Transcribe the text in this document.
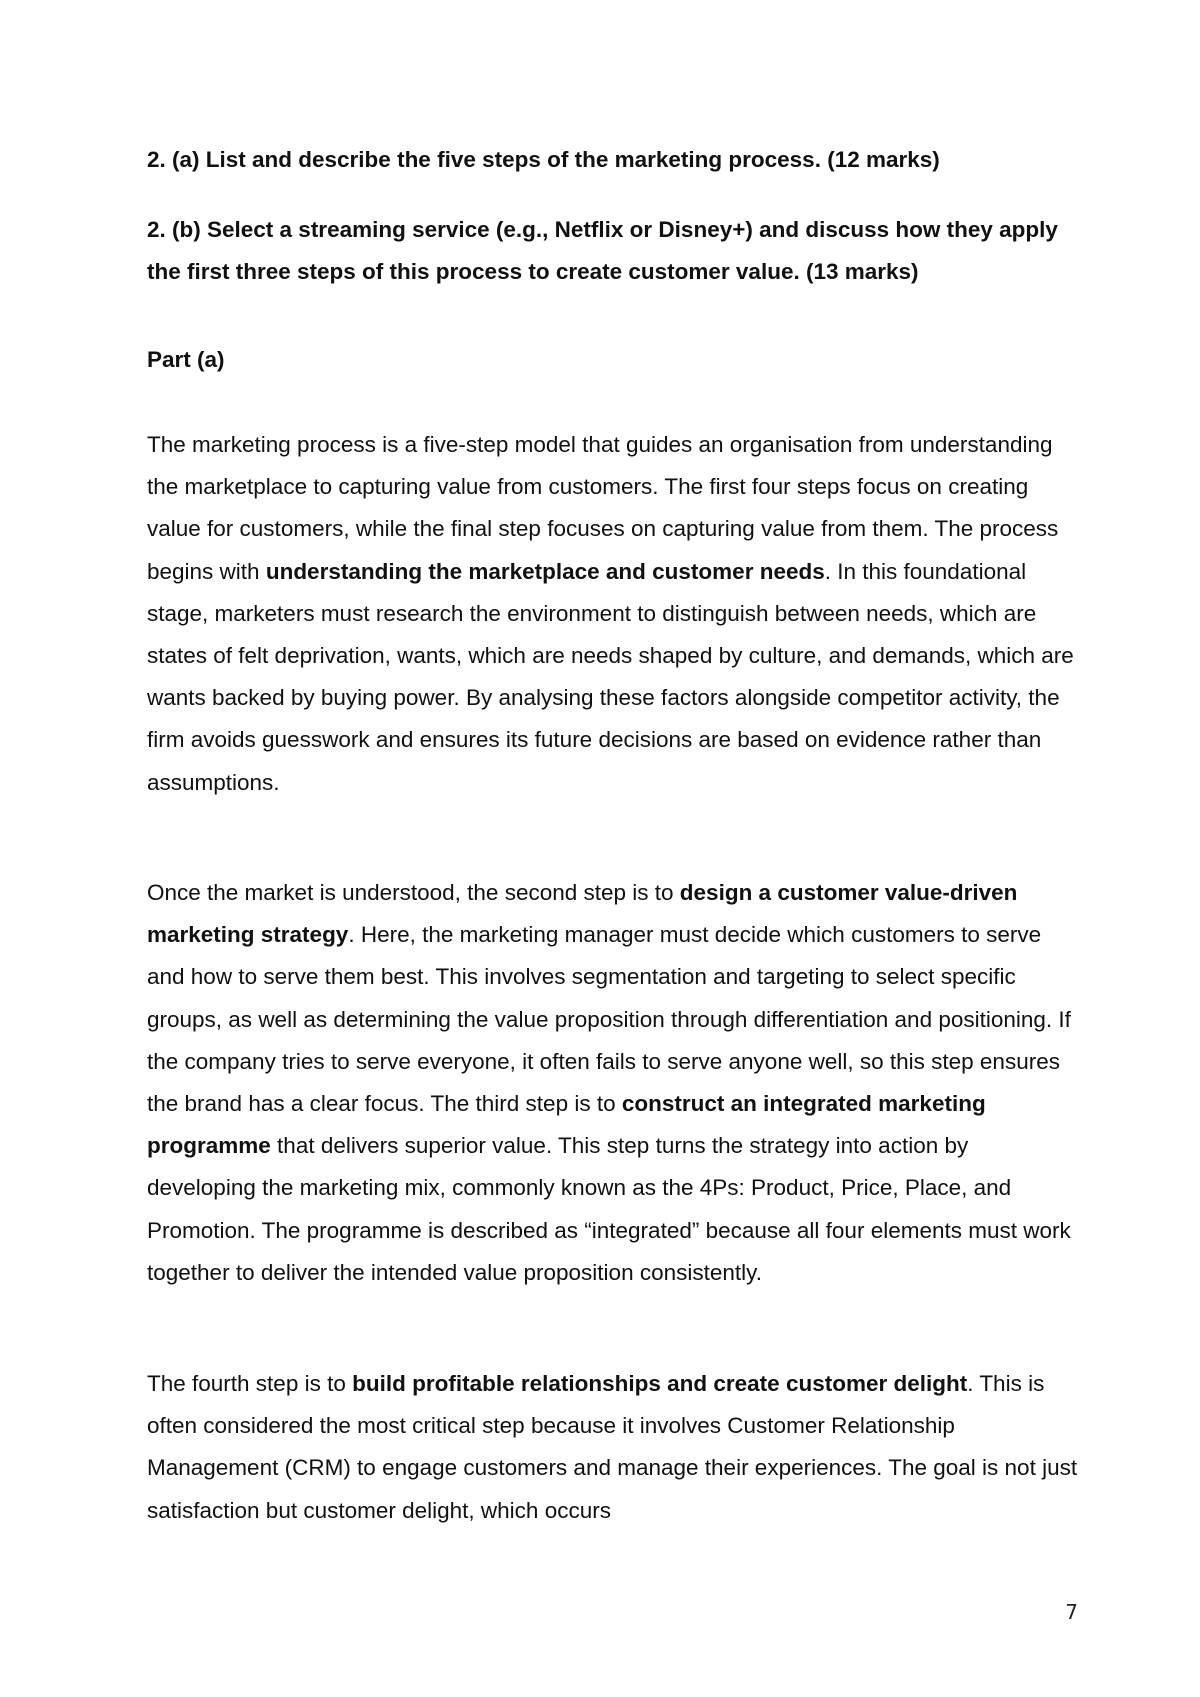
2. (a) List and describe the five steps of the marketing process. (12 marks)

2. (b) Select a streaming service (e.g., Netflix or Disney+) and discuss how they apply the first three steps of this process to create customer value. (13 marks)

Part (a)

The marketing process is a five-step model that guides an organisation from understanding the marketplace to capturing value from customers. The first four steps focus on creating value for customers, while the final step focuses on capturing value from them. The process begins with understanding the marketplace and customer needs. In this foundational stage, marketers must research the environment to distinguish between needs, which are states of felt deprivation, wants, which are needs shaped by culture, and demands, which are wants backed by buying power. By analysing these factors alongside competitor activity, the firm avoids guesswork and ensures its future decisions are based on evidence rather than assumptions.

Once the market is understood, the second step is to design a customer value-driven marketing strategy. Here, the marketing manager must decide which customers to serve and how to serve them best. This involves segmentation and targeting to select specific groups, as well as determining the value proposition through differentiation and positioning. If the company tries to serve everyone, it often fails to serve anyone well, so this step ensures the brand has a clear focus. The third step is to construct an integrated marketing programme that delivers superior value. This step turns the strategy into action by developing the marketing mix, commonly known as the 4Ps: Product, Price, Place, and Promotion. The programme is described as “integrated” because all four elements must work together to deliver the intended value proposition consistently.

The fourth step is to build profitable relationships and create customer delight. This is often considered the most critical step because it involves Customer Relationship Management (CRM) to engage customers and manage their experiences. The goal is not just satisfaction but customer delight, which occurs

7
